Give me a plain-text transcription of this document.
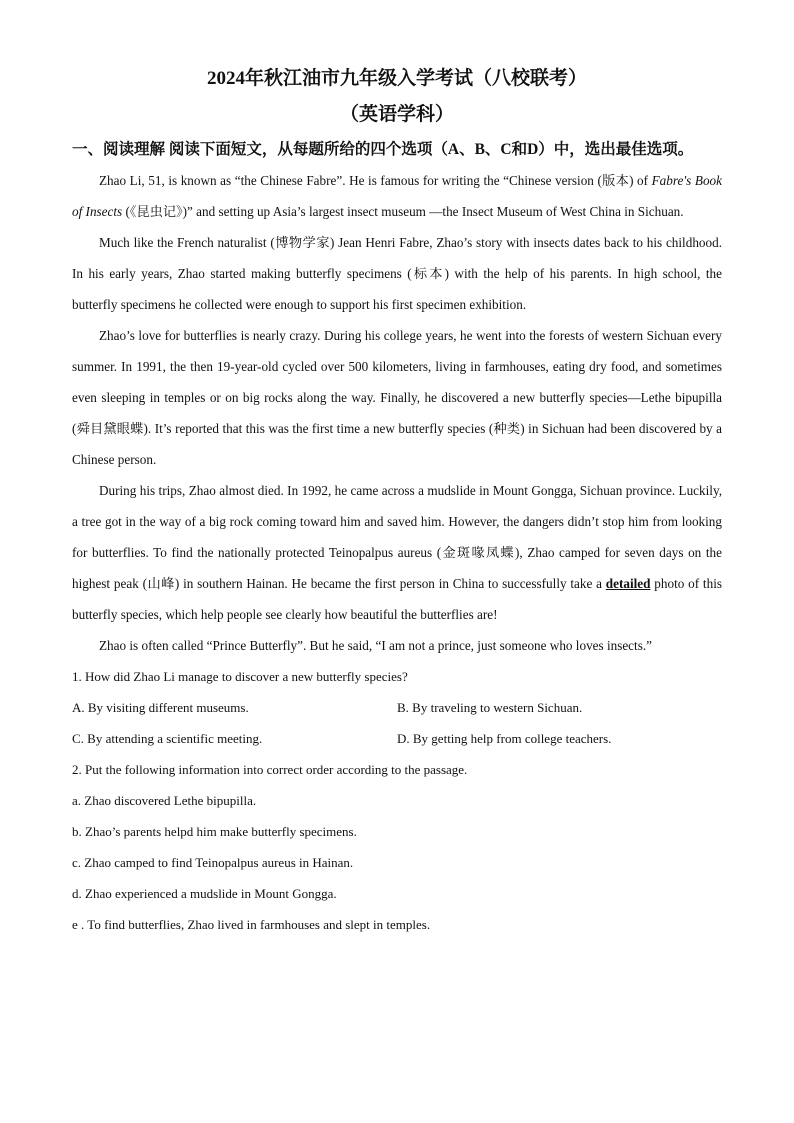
2024年秋江油市九年级入学考试（八校联考）
（英语学科）

一、阅读理解 阅读下面短文，从每题所给的四个选项（A、B、C和D）中，选出最佳选项。

Zhao Li, 51, is known as “the Chinese Fabre”. He is famous for writing the “Chinese version (版本) of Fabre's Book of Insects (《昆虫记》)” and setting up Asia’s largest insect museum —the Insect Museum of West China in Sichuan.

Much like the French naturalist (博物学家) Jean Henri Fabre, Zhao’s story with insects dates back to his childhood. In his early years, Zhao started making butterfly specimens (标本) with the help of his parents. In high school, the butterfly specimens he collected were enough to support his first specimen exhibition.

Zhao’s love for butterflies is nearly crazy. During his college years, he went into the forests of western Sichuan every summer. In 1991, the then 19-year-old cycled over 500 kilometers, living in farmhouses, eating dry food, and sometimes even sleeping in temples or on big rocks along the way. Finally, he discovered a new butterfly species—Lethe bipupilla (舜目黛眼蝶). It’s reported that this was the first time a new butterfly species (种类) in Sichuan had been discovered by a Chinese person.

During his trips, Zhao almost died. In 1992, he came across a mudslide in Mount Gongga, Sichuan province. Luckily, a tree got in the way of a big rock coming toward him and saved him. However, the dangers didn’t stop him from looking for butterflies. To find the nationally protected Teinopalpus aureus (金斑喙凤蝶), Zhao camped for seven days on the highest peak (山峰) in southern Hainan. He became the first person in China to successfully take a detailed photo of this butterfly species, which help people see clearly how beautiful the butterflies are!

Zhao is often called “Prince Butterfly”. But he said, “I am not a prince, just someone who loves insects.”

1. How did Zhao Li manage to discover a new butterfly species?

A. By visiting different museums.	B. By traveling to western Sichuan.
C. By attending a scientific meeting.	D. By getting help from college teachers.

2. Put the following information into correct order according to the passage.

a. Zhao discovered Lethe bipupilla.

b. Zhao’s parents helpd him make butterfly specimens.

c. Zhao camped to find Teinopalpus aureus in Hainan.

d. Zhao experienced a mudslide in Mount Gongga.

e . To find butterflies, Zhao lived in farmhouses and slept in temples.
